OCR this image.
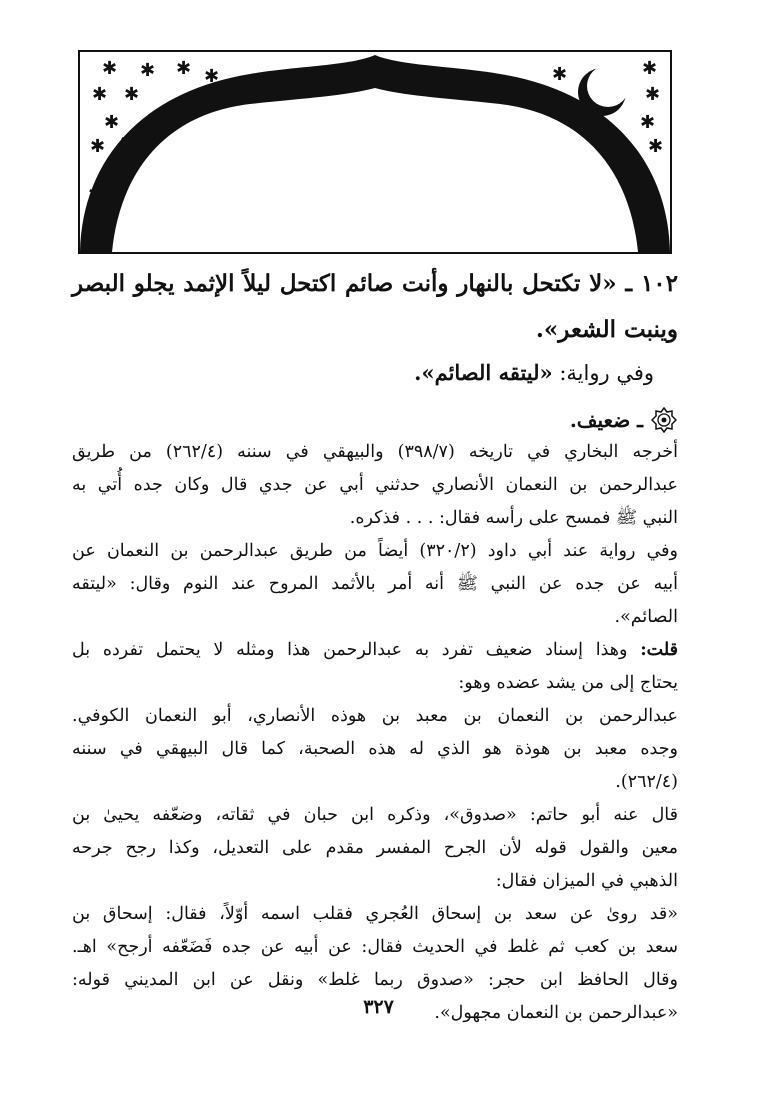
✱ ✱ ✱
✱ ✱
✱
✱ ✱
✱ ✱
✱
✱	✱
✱
✱ ✱
✱
١٠٢ ـ «لا تكتحل بالنهار وأنت صائم اكتحل ليلاً الإثمد يجلو البصر
وينبت الشعر».
وفي رواية: «ليتقه الصائم».
ـ ضعيف.
أخرجه البخاري في تاريخه (٣٩٨/٧) والبيهقي في سننه (٢٦٢/٤) من طريق
عبدالرحمن بن النعمان الأنصاري حدثني أبي عن جدي قال وكان جده أُتي به
النبي ﷺ فمسح على رأسه فقال: . . . فذكره.
وفي رواية عند أبي داود (٣٢٠/٢) أيضاً من طريق عبدالرحمن بن النعمان عن
أبيه عن جده عن النبي ﷺ أنه أمر بالأثمد المروح عند النوم وقال: «ليتقه
الصائم».
قلت: وهذا إسناد ضعيف تفرد به عبدالرحمن هذا ومثله لا يحتمل تفرده بل
يحتاج إلى من يشد عضده وهو:
عبدالرحمن بن النعمان بن معبد بن هوذه الأنصاري، أبو النعمان الكوفي.
وجده معبد بن هوذة هو الذي له هذه الصحبة، كما قال البيهقي في سننه
(٢٦٢/٤).
قال عنه أبو حاتم: «صدوق»، وذكره ابن حبان في ثقاته، وضعّفه يحيىٰ بن
معين والقول قوله لأن الجرح المفسر مقدم على التعديل، وكذا رجح جرحه
الذهبي في الميزان فقال:
«قد روىٰ عن سعد بن إسحاق العُجري فقلب اسمه أوّلاً، فقال: إسحاق بن
سعد بن كعب ثم غلط في الحديث فقال: عن أبيه عن جده فَضَعّفه أرجح» اهـ.
وقال الحافظ ابن حجر: «صدوق ربما غلط» ونقل عن ابن المديني قوله:
«عبدالرحمن بن النعمان مجهول».
٣٢٧
